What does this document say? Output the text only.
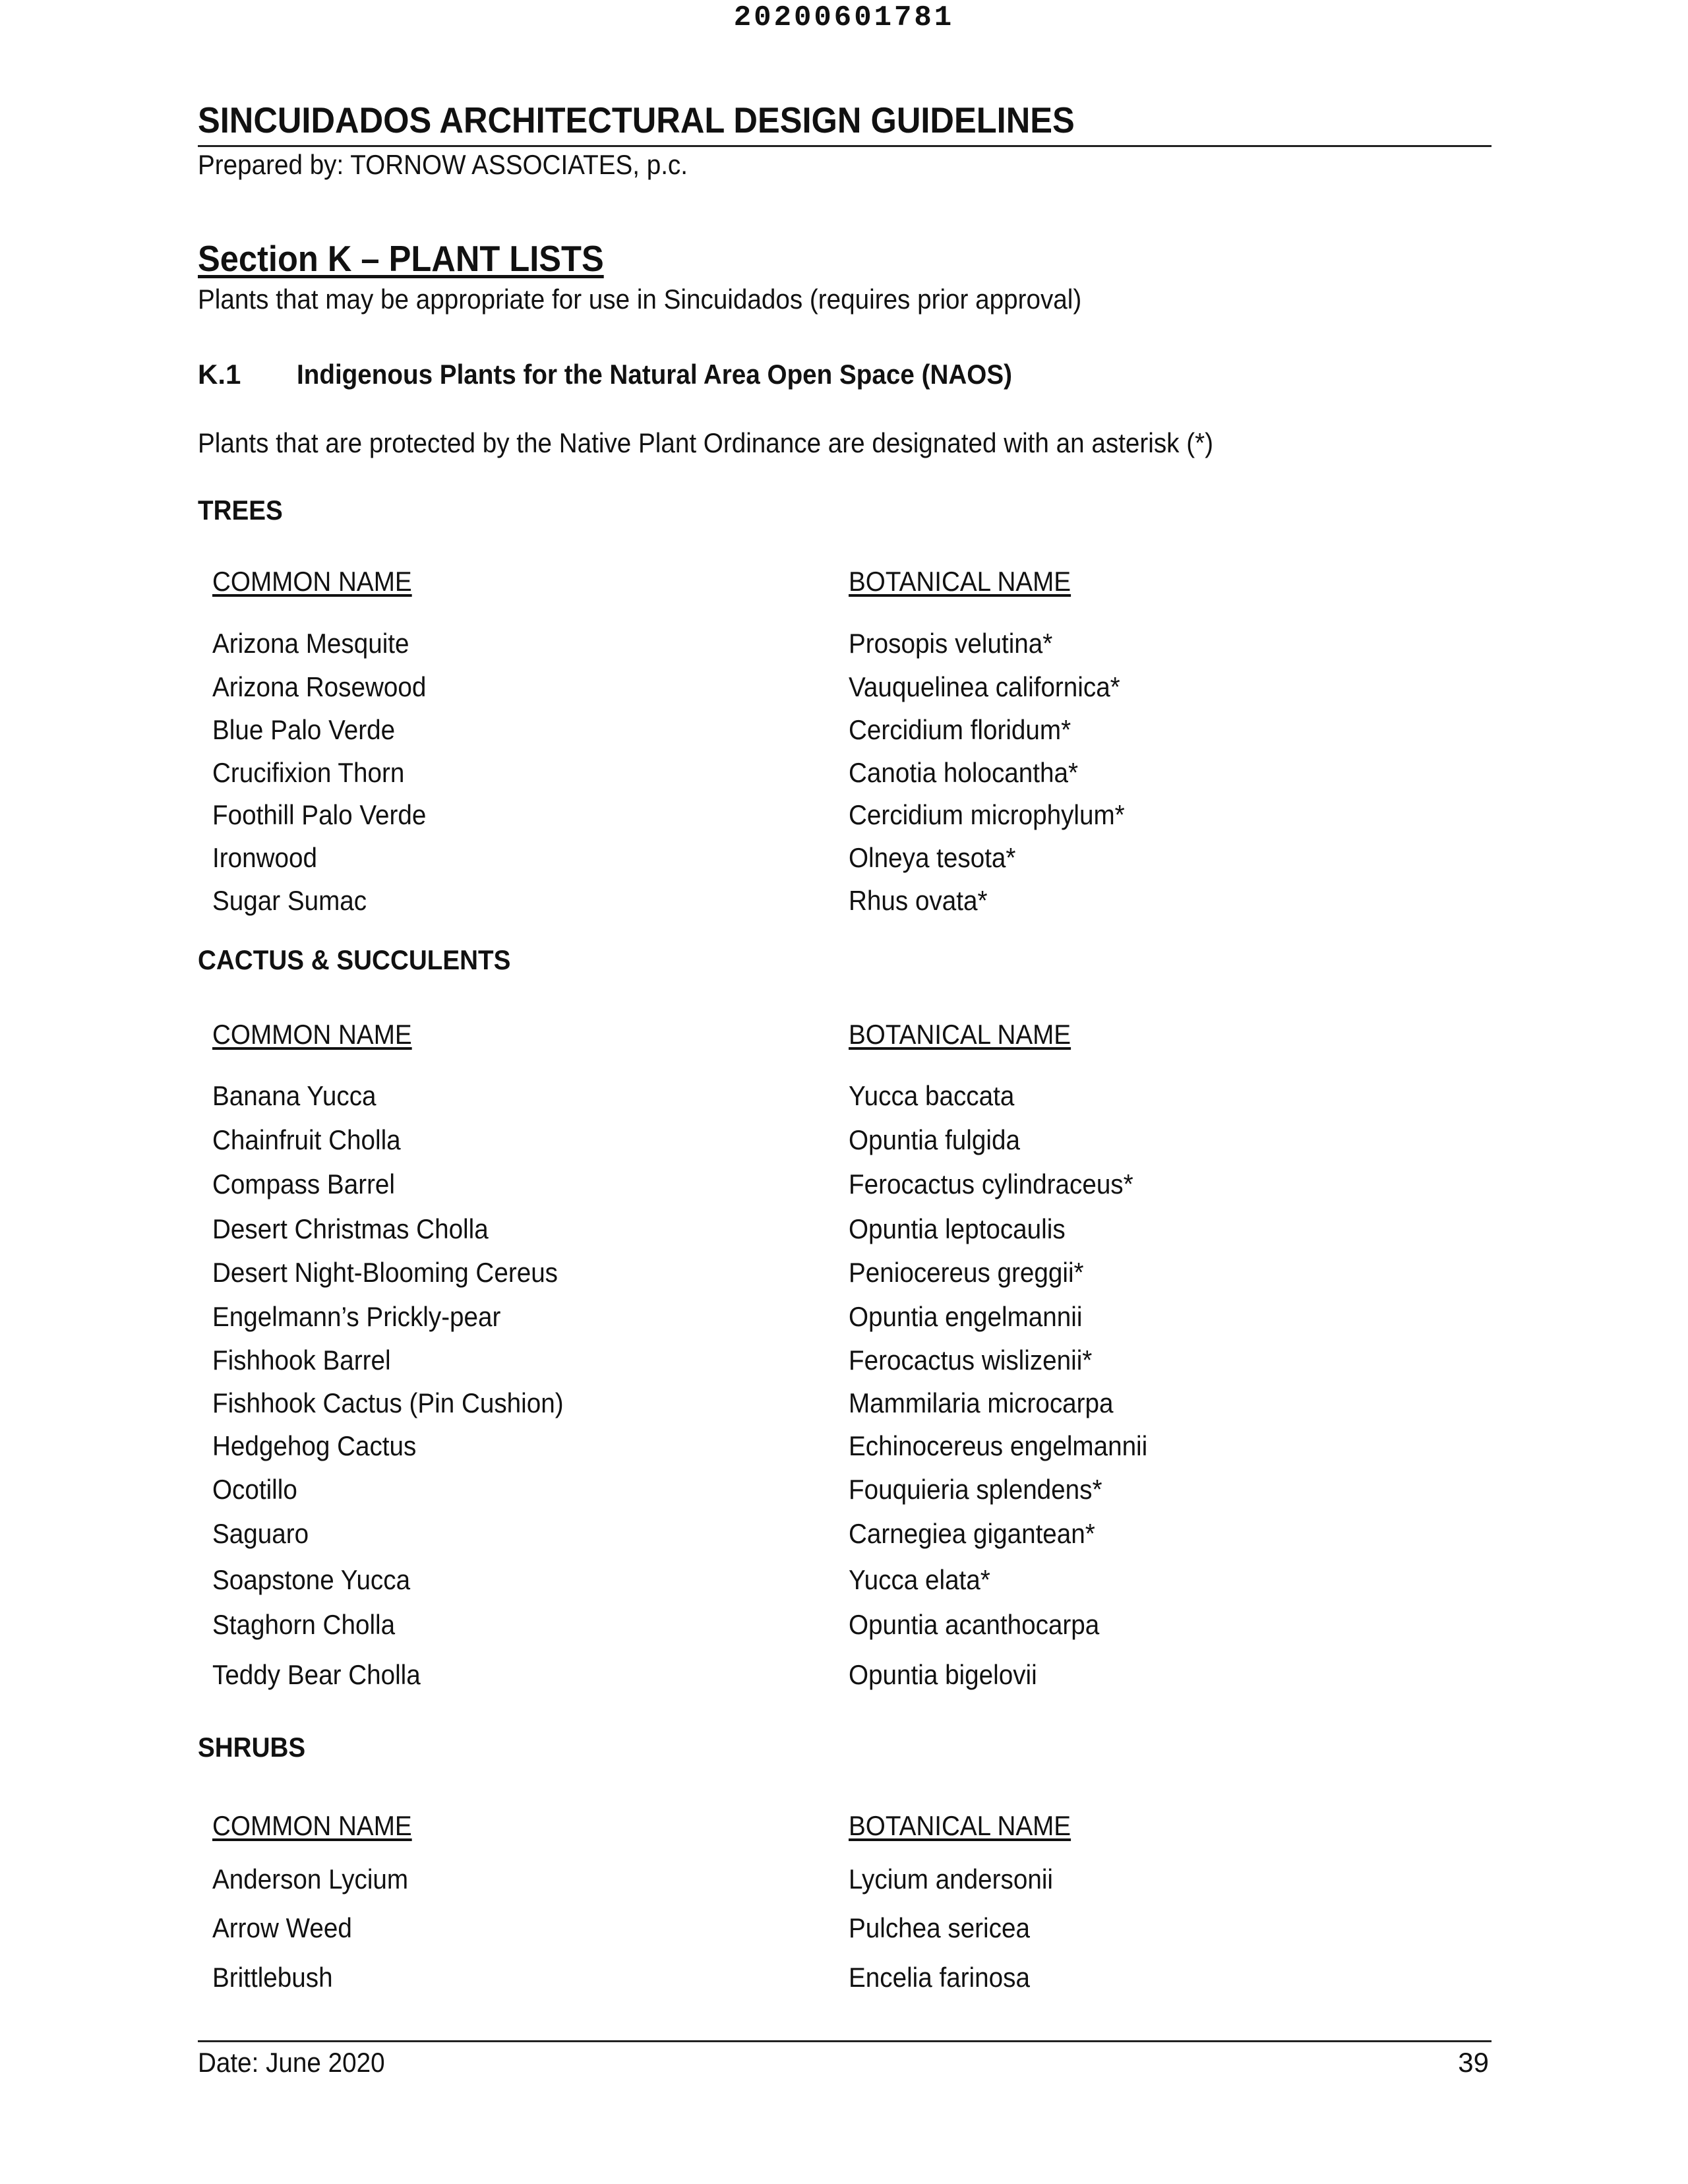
20200601781
SINCUIDADOS ARCHITECTURAL DESIGN GUIDELINES
Prepared by: TORNOW ASSOCIATES, p.c.
Section K – PLANT LISTS
Plants that may be appropriate for use in Sincuidados (requires prior approval)
K.1 Indigenous Plants for the Natural Area Open Space (NAOS)
Plants that are protected by the Native Plant Ordinance are designated with an asterisk (*)
TREES
COMMON NAME	BOTANICAL NAME
Arizona Mesquite	Prosopis velutina*
Arizona Rosewood	Vauquelinea californica*
Blue Palo Verde	Cercidium floridum*
Crucifixion Thorn	Canotia holocantha*
Foothill Palo Verde	Cercidium microphylum*
Ironwood	Olneya tesota*
Sugar Sumac	Rhus ovata*
CACTUS & SUCCULENTS
COMMON NAME	BOTANICAL NAME
Banana Yucca	Yucca baccata
Chainfruit Cholla	Opuntia fulgida
Compass Barrel	Ferocactus cylindraceus*
Desert Christmas Cholla	Opuntia leptocaulis
Desert Night-Blooming Cereus	Peniocereus greggii*
Engelmann’s Prickly-pear	Opuntia engelmannii
Fishhook Barrel	Ferocactus wislizenii*
Fishhook Cactus (Pin Cushion)	Mammilaria microcarpa
Hedgehog Cactus	Echinocereus engelmannii
Ocotillo	Fouquieria splendens*
Saguaro	Carnegiea gigantean*
Soapstone Yucca	Yucca elata*
Staghorn Cholla	Opuntia acanthocarpa
Teddy Bear Cholla	Opuntia bigelovii
SHRUBS
COMMON NAME	BOTANICAL NAME
Anderson Lycium	Lycium andersonii
Arrow Weed	Pulchea sericea
Brittlebush	Encelia farinosa
Date: June 2020	39
